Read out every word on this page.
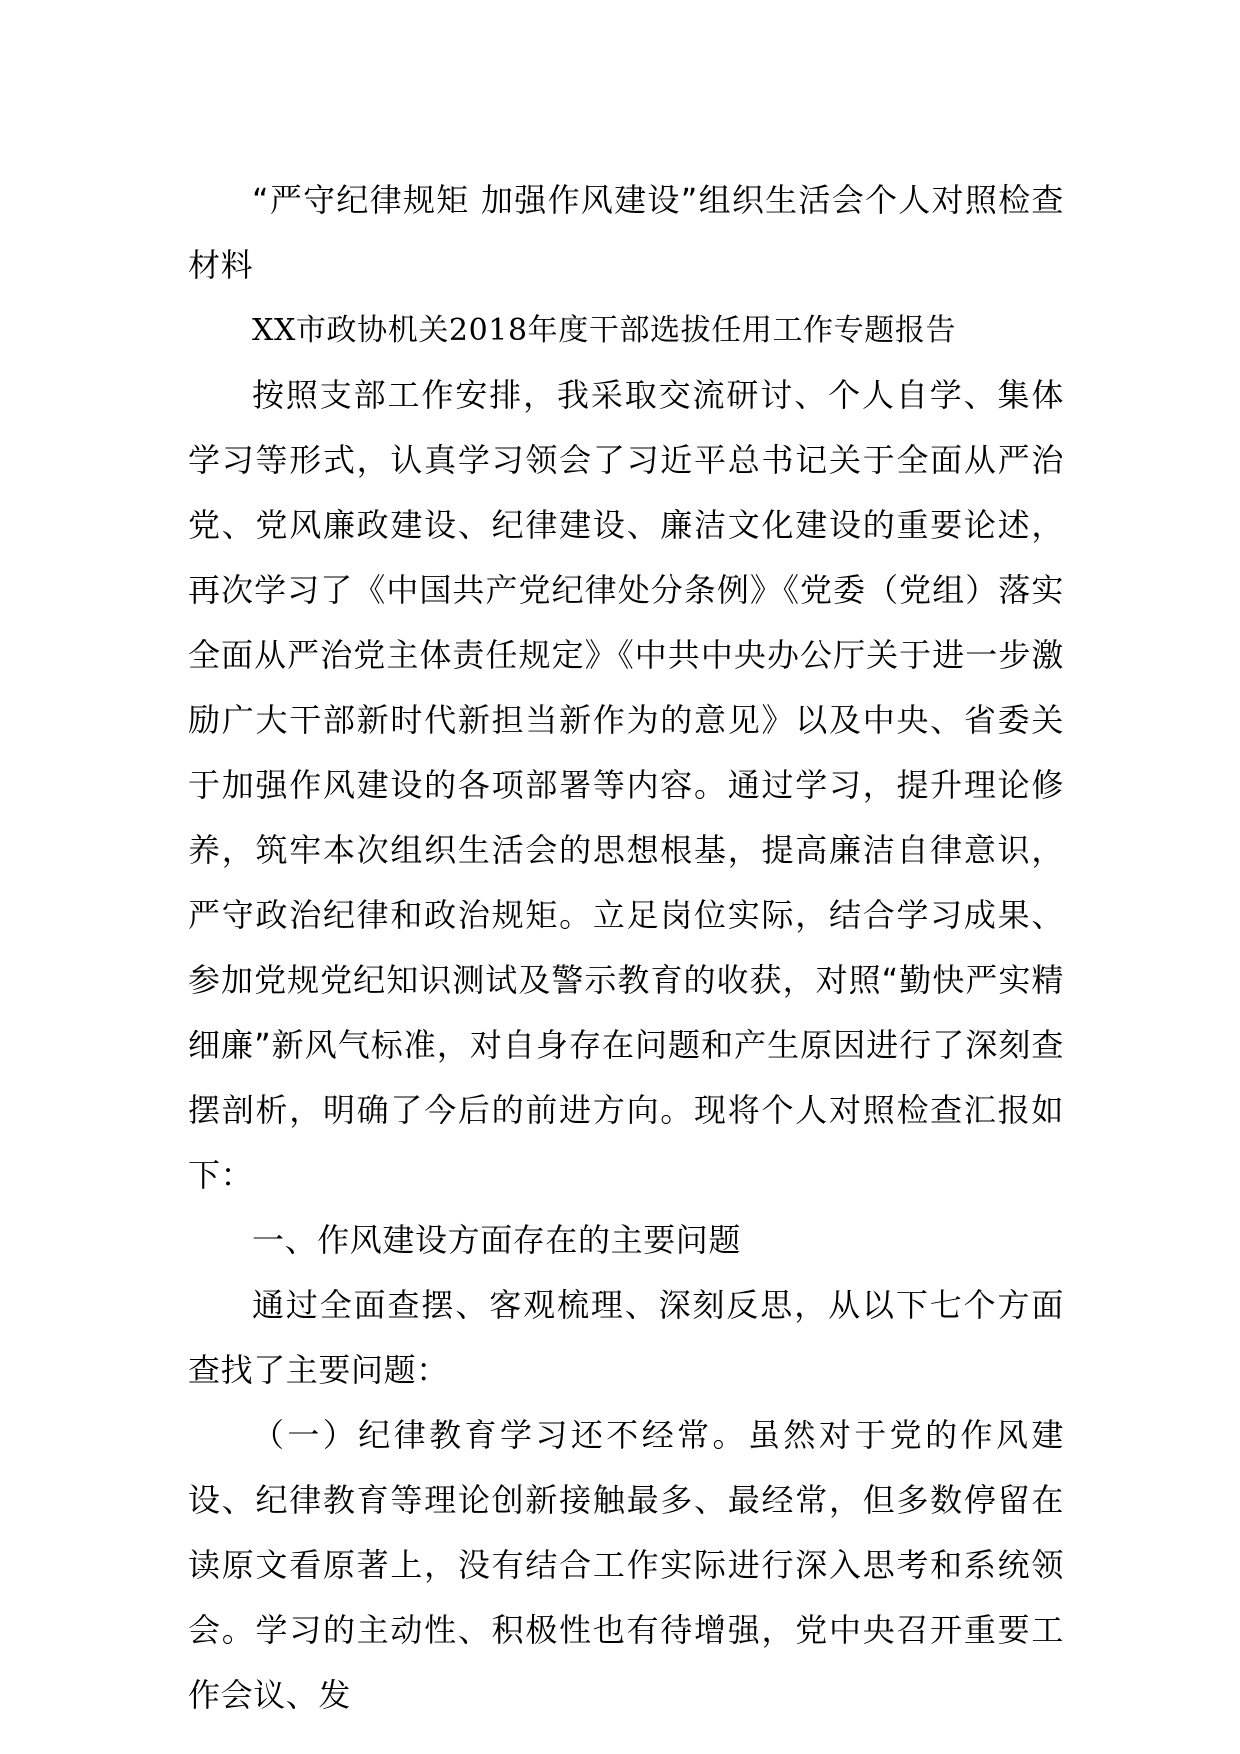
“严守纪律规矩 加强作风建设”组织生活会个人对照检查材料

XX市政协机关2018年度干部选拔任用工作专题报告

按照支部工作安排，我采取交流研讨、个人自学、集体学习等形式，认真学习领会了习近平总书记关于全面从严治党、党风廉政建设、纪律建设、廉洁文化建设的重要论述，再次学习了《中国共产党纪律处分条例》《党委（党组）落实全面从严治党主体责任规定》《中共中央办公厅关于进一步激励广大干部新时代新担当新作为的意见》以及中央、省委关于加强作风建设的各项部署等内容。通过学习，提升理论修养，筑牢本次组织生活会的思想根基，提高廉洁自律意识，严守政治纪律和政治规矩。立足岗位实际，结合学习成果、参加党规党纪知识测试及警示教育的收获，对照“勤快严实精细廉”新风气标准，对自身存在问题和产生原因进行了深刻查摆剖析，明确了今后的前进方向。现将个人对照检查汇报如下：

一、作风建设方面存在的主要问题

通过全面查摆、客观梳理、深刻反思，从以下七个方面查找了主要问题：

（一）纪律教育学习还不经常。虽然对于党的作风建设、纪律教育等理论创新接触最多、最经常，但多数停留在读原文看原著上，没有结合工作实际进行深入思考和系统领会。学习的主动性、积极性也有待增强，党中央召开重要工作会议、发
